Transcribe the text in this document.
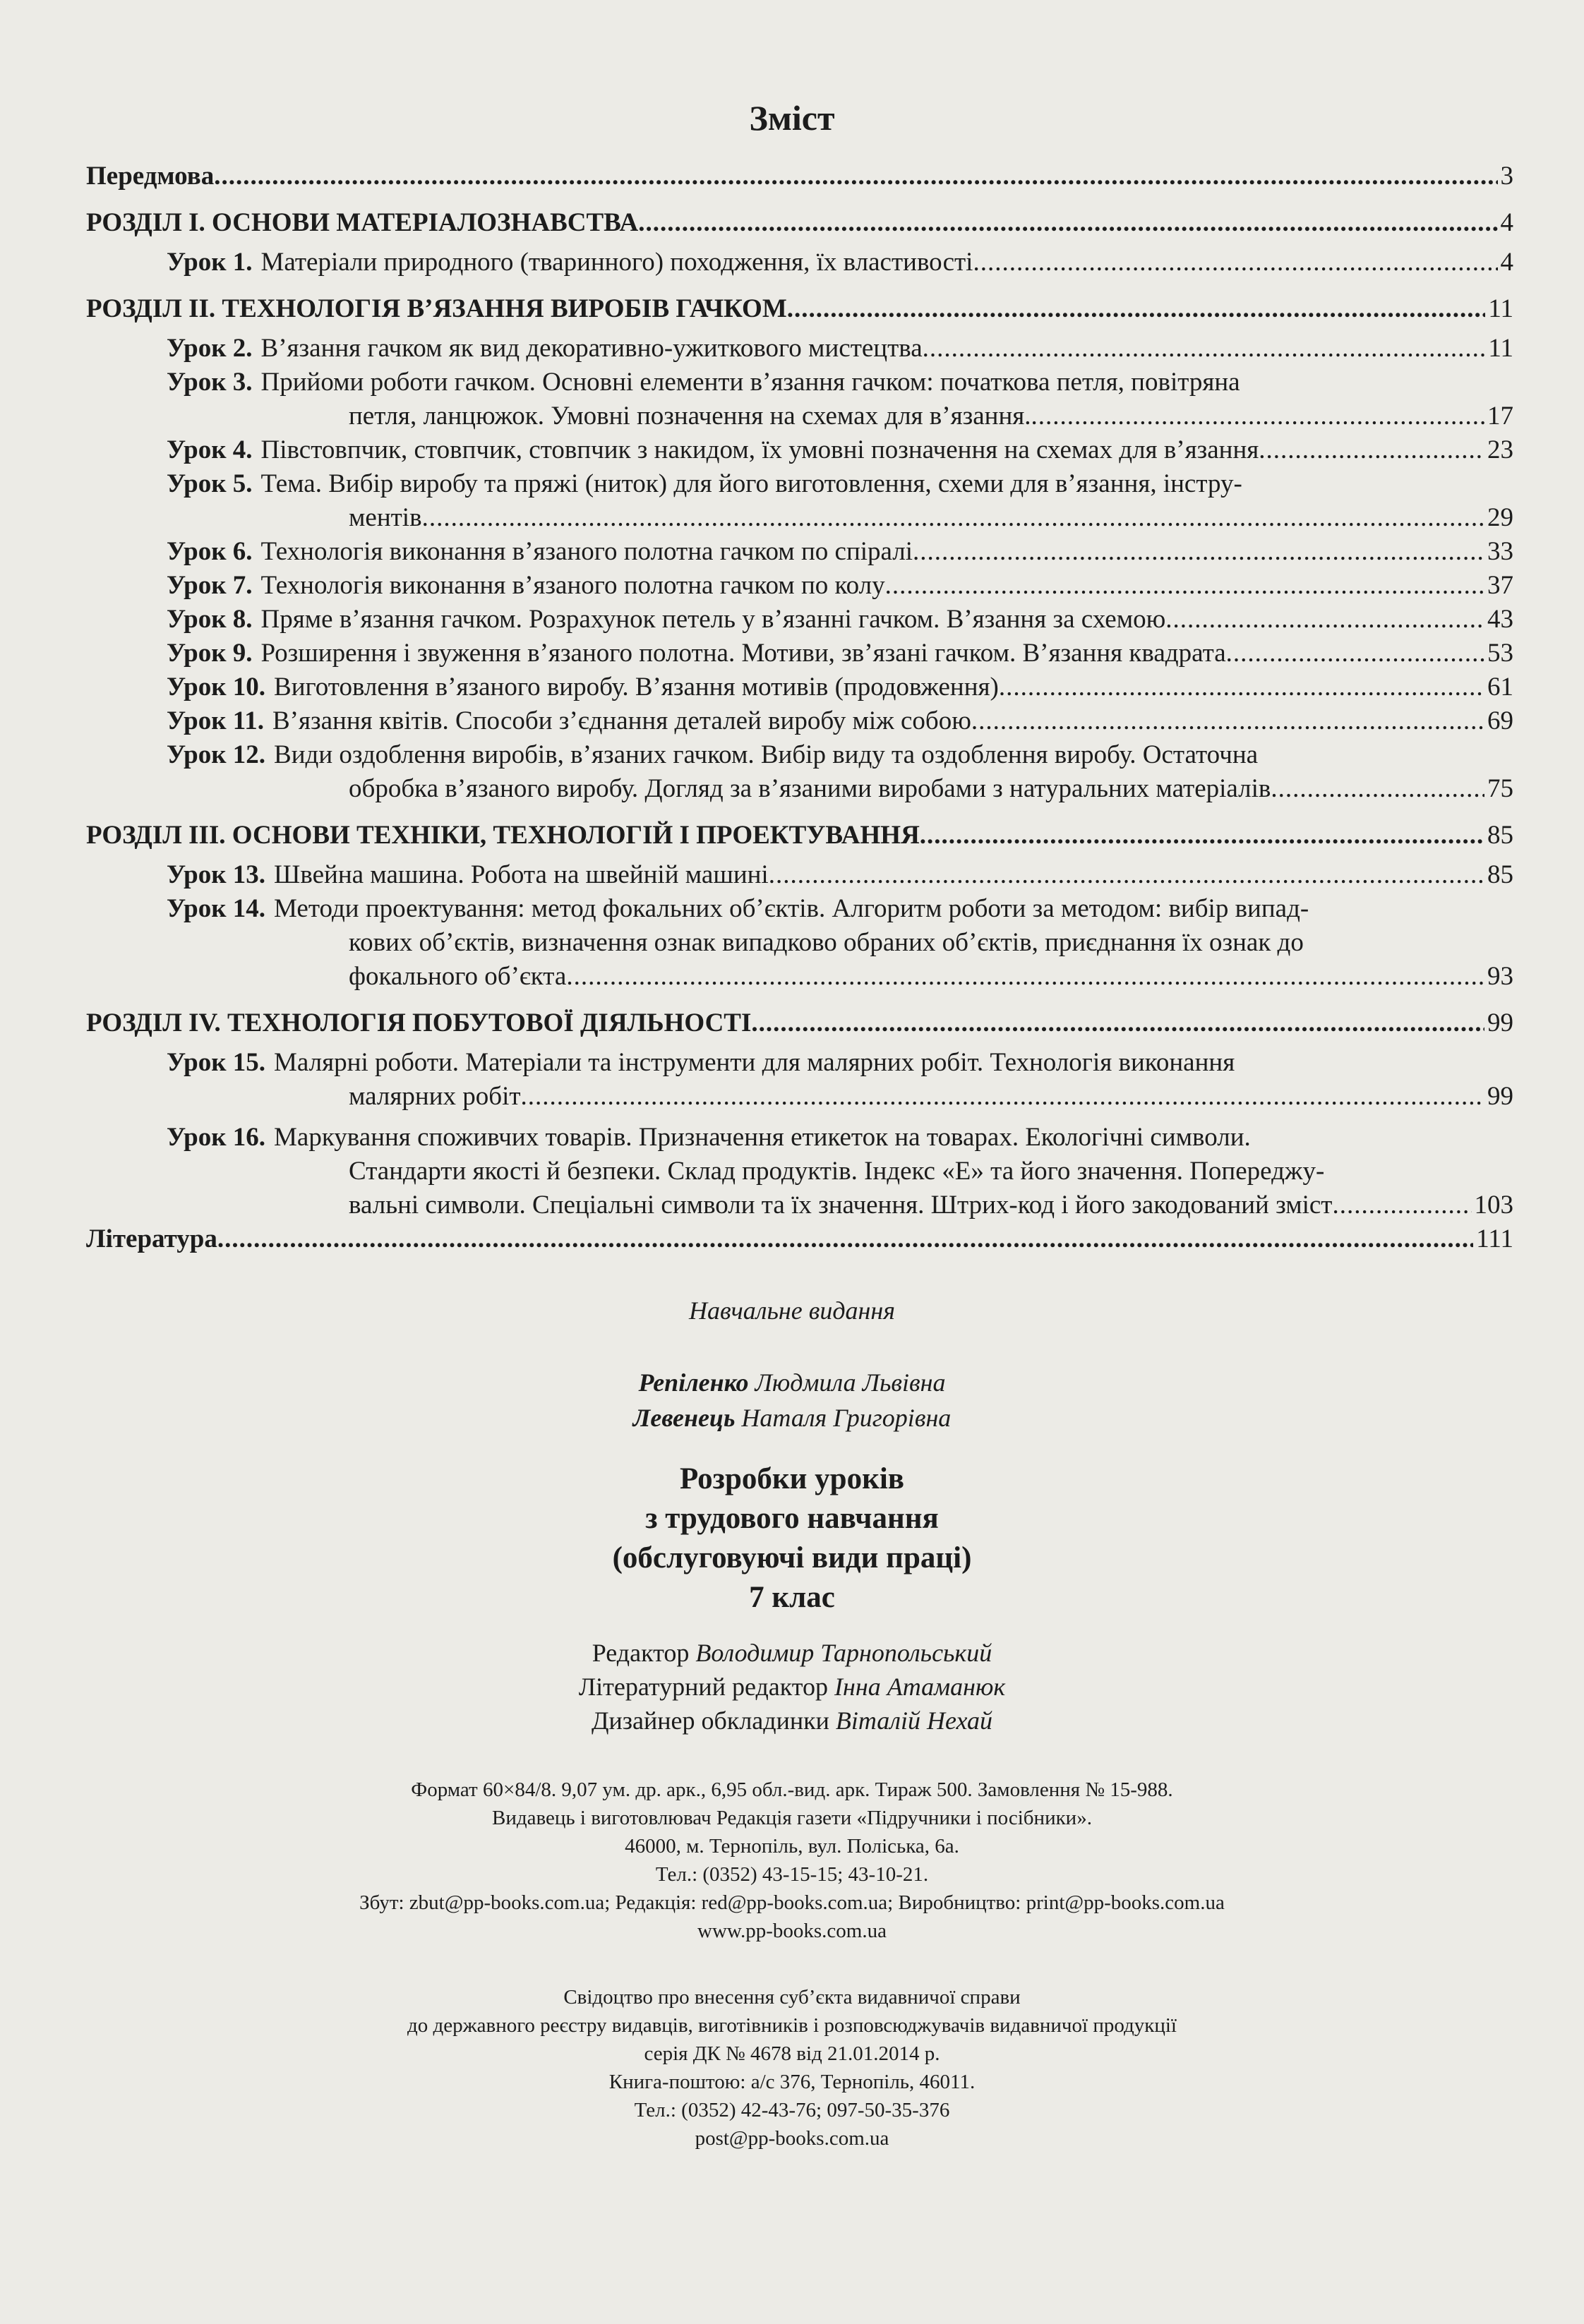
Зміст
Передмова .....	3
РОЗДІЛ І. ОСНОВИ МАТЕРІАЛОЗНАВСТВА .....	4
Урок 1. Матеріали природного (тваринного) походження, їх властивості .....	4
РОЗДІЛ ІІ. ТЕХНОЛОГІЯ В’ЯЗАННЯ ВИРОБІВ ГАЧКОМ .....	11
Урок 2. В’язання гачком як вид декоративно-ужиткового мистецтва .....	11
Урок 3. Прийоми роботи гачком. Основні елементи в’язання гачком: початкова петля, повітряна
петля, ланцюжок. Умовні позначення на схемах для в’язання. .....	17
Урок 4. Півстовпчик, стовпчик, стовпчик з накидом, їх умовні позначення на схемах для в’язання .....	23
Урок 5. Тема. Вибір виробу та пряжі (ниток) для його виготовлення, схеми для в’язання, інстру-
ментів .....	29
Урок 6. Технологія виконання в’язаного полотна гачком по спіралі .....	33
Урок 7. Технологія виконання в’язаного полотна гачком по колу .....	37
Урок 8. Пряме в’язання гачком. Розрахунок петель у в’язанні гачком. В’язання за схемою .....	43
Урок 9. Розширення і звуження в’язаного полотна. Мотиви, зв’язані гачком. В’язання квадрата .....	53
Урок 10. Виготовлення в’язаного виробу. В’язання мотивів (продовження) .....	61
Урок 11. В’язання квітів. Способи з’єднання деталей виробу між собою .....	69
Урок 12. Види оздоблення виробів, в’язаних гачком. Вибір виду та оздоблення виробу. Остаточна
обробка в’язаного виробу. Догляд за в’язаними виробами з натуральних матеріалів .....	75
РОЗДІЛ ІІІ. ОСНОВИ ТЕХНІКИ, ТЕХНОЛОГІЙ І ПРОЕКТУВАННЯ .....	85
Урок 13. Швейна машина. Робота на швейній машині .....	85
Урок 14. Методи проектування: метод фокальних об’єктів. Алгоритм роботи за методом: вибір випад-
кових об’єктів, визначення ознак випадково обраних об’єктів, приєднання їх ознак до
фокального об’єкта .....	93
РОЗДІЛ IV. ТЕХНОЛОГІЯ ПОБУТОВОЇ ДІЯЛЬНОСТІ .....	99
Урок 15. Малярні роботи. Матеріали та інструменти для малярних робіт. Технологія виконання
малярних робіт .....	99
Урок 16. Маркування споживчих товарів. Призначення етикеток на товарах. Екологічні символи.
Стандарти якості й безпеки. Склад продуктів. Індекс «Е» та його значення. Попереджу-
вальні символи. Спеціальні символи та їх значення. Штрих-код і його закодований зміст .....	103
Література .....	111
Навчальне видання
Репіленко Людмила Львівна
Левенець Наталя Григорівна
Розробки уроків
з трудового навчання
(обслуговуючі види праці)
7 клас
Редактор Володимир Тарнопольський
Літературний редактор Інна Атаманюк
Дизайнер обкладинки Віталій Нехай
Формат 60×84/8. 9,07 ум. др. арк., 6,95 обл.-вид. арк. Тираж 500. Замовлення № 15-988.
Видавець і виготовлювач Редакція газети «Підручники і посібники».
46000, м. Тернопіль, вул. Поліська, 6а.
Тел.: (0352) 43-15-15; 43-10-21.
Збут: zbut@pp-books.com.ua; Редакція: red@pp-books.com.ua; Виробництво: print@pp-books.com.ua
www.pp-books.com.ua
Свідоцтво про внесення суб’єкта видавничої справи
до державного реєстру видавців, виготівників і розповсюджувачів видавничої продукції
серія ДК № 4678 від 21.01.2014 р.
Книга-поштою: а/с 376, Тернопіль, 46011.
Тел.: (0352) 42-43-76; 097-50-35-376
post@pp-books.com.ua
